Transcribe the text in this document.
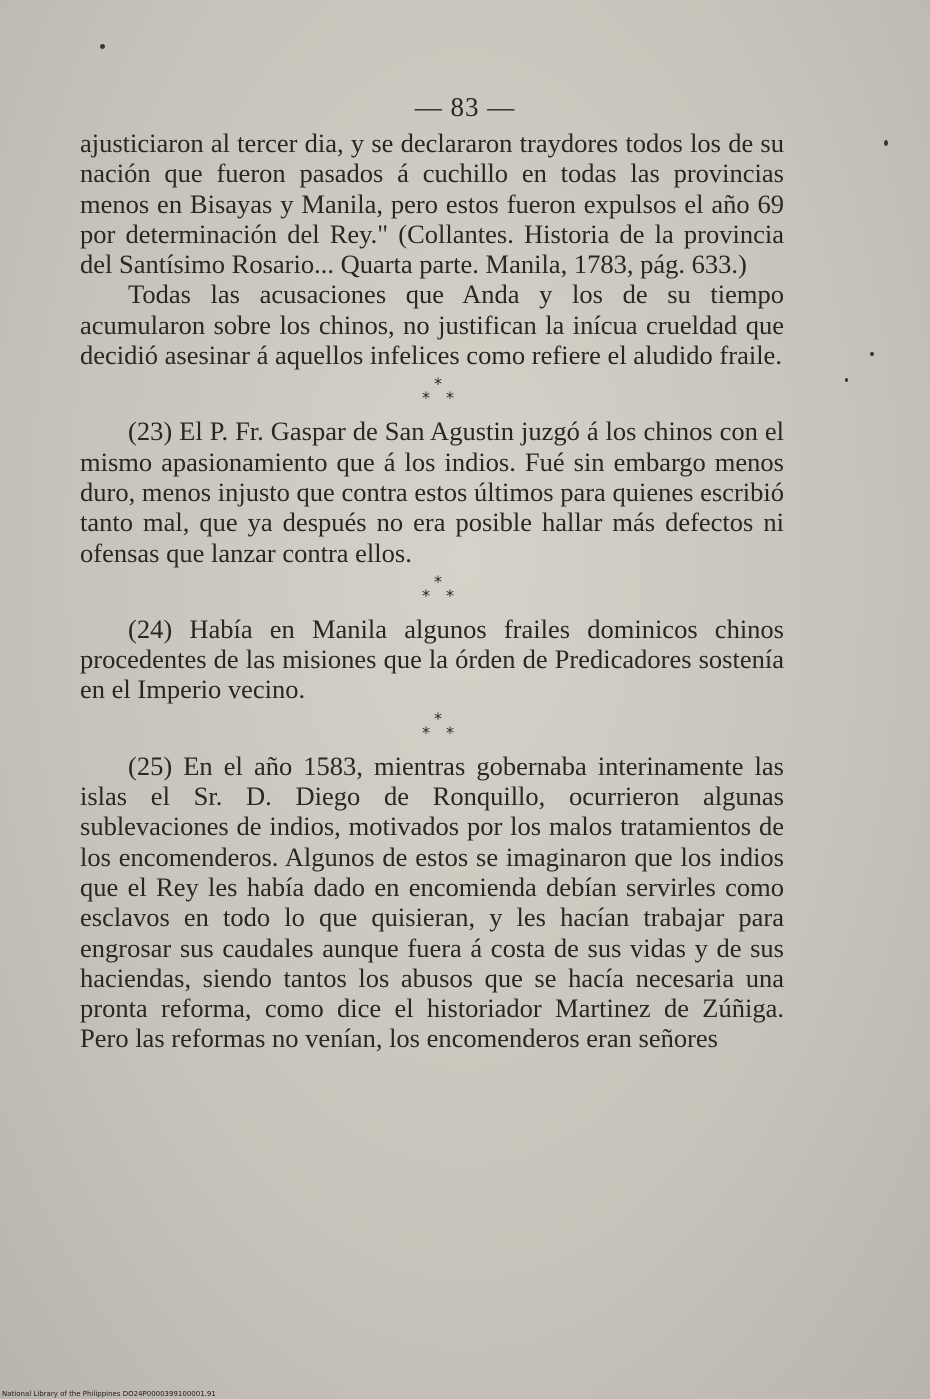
— 83 —

ajusticiaron al tercer dia, y se declararon traydores todos los de su nación que fueron pasados á cuchillo en todas las provincias menos en Bisayas y Manila, pero estos fueron expulsos el año 69 por determinación del Rey." (Collantes. Historia de la provincia del Santísimo Rosario... Quarta parte. Manila, 1783, pág. 633.)

Todas las acusaciones que Anda y los de su tiempo acumularon sobre los chinos, no justifican la inícua crueldad que decidió asesinar á aquellos infelices como refiere el aludido fraile.

*
* *

(23) El P. Fr. Gaspar de San Agustin juzgó á los chinos con el mismo apasionamiento que á los indios. Fué sin embargo menos duro, menos injusto que contra estos últimos para quienes escribió tanto mal, que ya después no era posible hallar más defectos ni ofensas que lanzar contra ellos.

*
* *

(24) Había en Manila algunos frailes dominicos chinos procedentes de las misiones que la órden de Predicadores sostenía en el Imperio vecino.

*
* *

(25) En el año 1583, mientras gobernaba interinamente las islas el Sr. D. Diego de Ronquillo, ocurrieron algunas sublevaciones de indios, motivados por los malos tratamientos de los encomenderos. Algunos de estos se imaginaron que los indios que el Rey les había dado en encomienda debían servirles como esclavos en todo lo que quisieran, y les hacían trabajar para engrosar sus caudales aunque fuera á costa de sus vidas y de sus haciendas, siendo tantos los abusos que se hacía necesaria una pronta reforma, como dice el historiador Martinez de Zúñiga. Pero las reformas no venían, los encomenderos eran señores

National Library of the Philippines DO24P0000399100001.91
